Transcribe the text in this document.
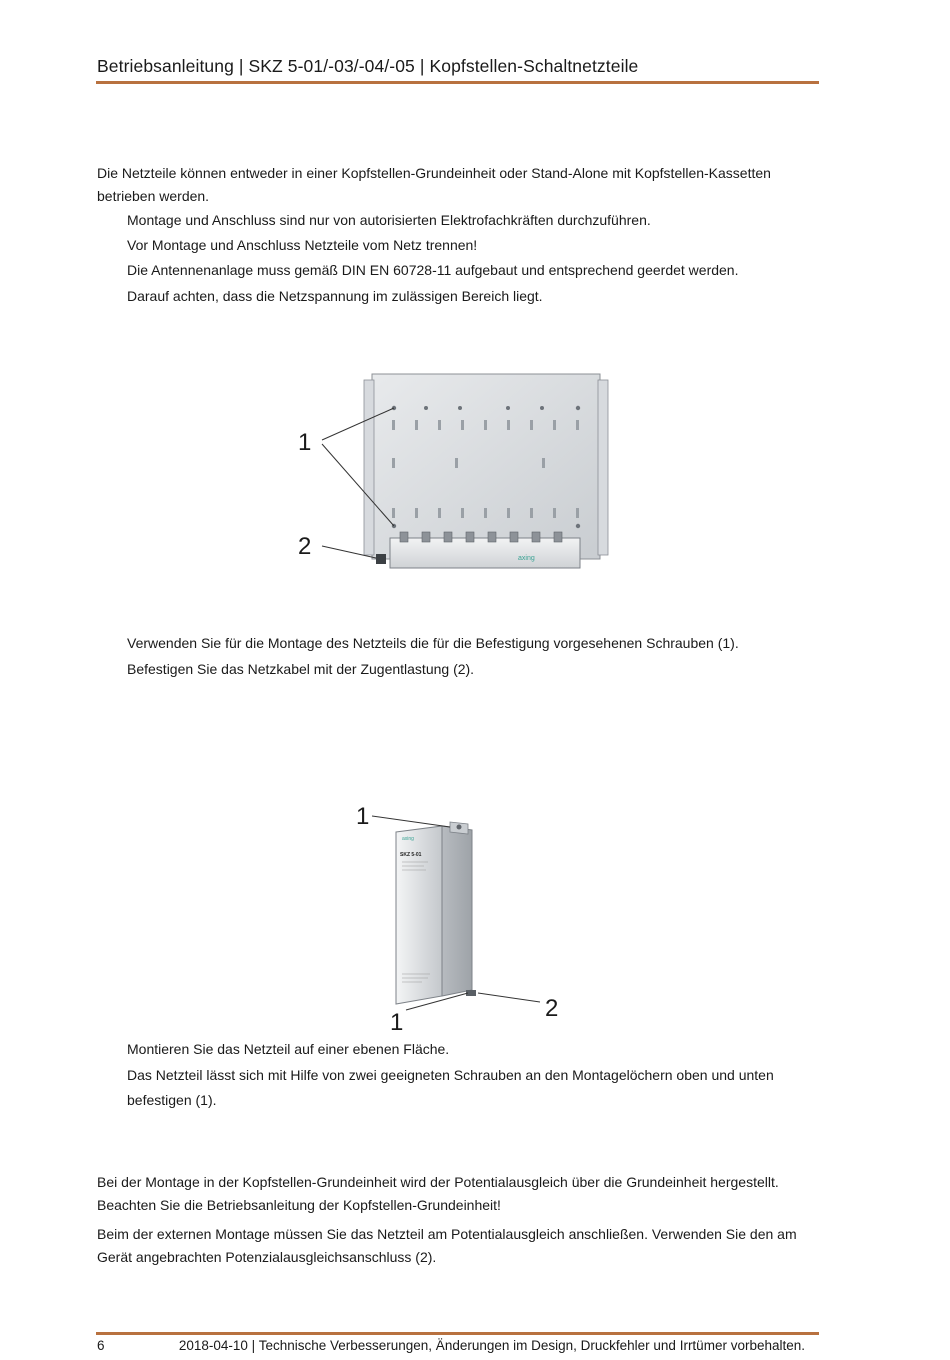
Betriebsanleitung | SKZ 5-01/-03/-04/-05 | Kopfstellen-Schaltnetzteile
Die Netzteile können entweder in einer Kopfstellen-Grundeinheit oder Stand-Alone mit Kopfstellen-Kassetten betrieben werden.
Montage und Anschluss sind nur von autorisierten Elektrofachkräften durchzuführen.
Vor Montage und Anschluss Netzteile vom Netz trennen!
Die Antennenanlage muss gemäß DIN EN 60728-11 aufgebaut und entsprechend geerdet werden.
Darauf achten, dass die Netzspannung im zulässigen Bereich liegt.
axing
1
2
Verwenden Sie für die Montage des Netzteils die für die Befestigung vorgesehenen Schrauben (1).
Befestigen Sie das Netzkabel mit der Zugentlastung (2).
axing
SKZ 5-01
1
1
2
Montieren Sie das Netzteil auf einer ebenen Fläche.
Das Netzteil lässt sich mit Hilfe von zwei geeigneten Schrauben an den Montagelöchern oben und unten befestigen (1).
Bei der Montage in der Kopfstellen-Grundeinheit wird der Potentialausgleich über die Grundeinheit hergestellt. Beachten Sie die Betriebsanleitung der Kopfstellen-Grundeinheit!
Beim der externen Montage müssen Sie das Netzteil am Potentialausgleich anschließen. Verwenden Sie den am Gerät angebrachten Potenzialausgleichsanschluss (2).
6	2018-04-10 | Technische Verbesserungen, Änderungen im Design, Druckfehler und Irrtümer vorbehalten.
